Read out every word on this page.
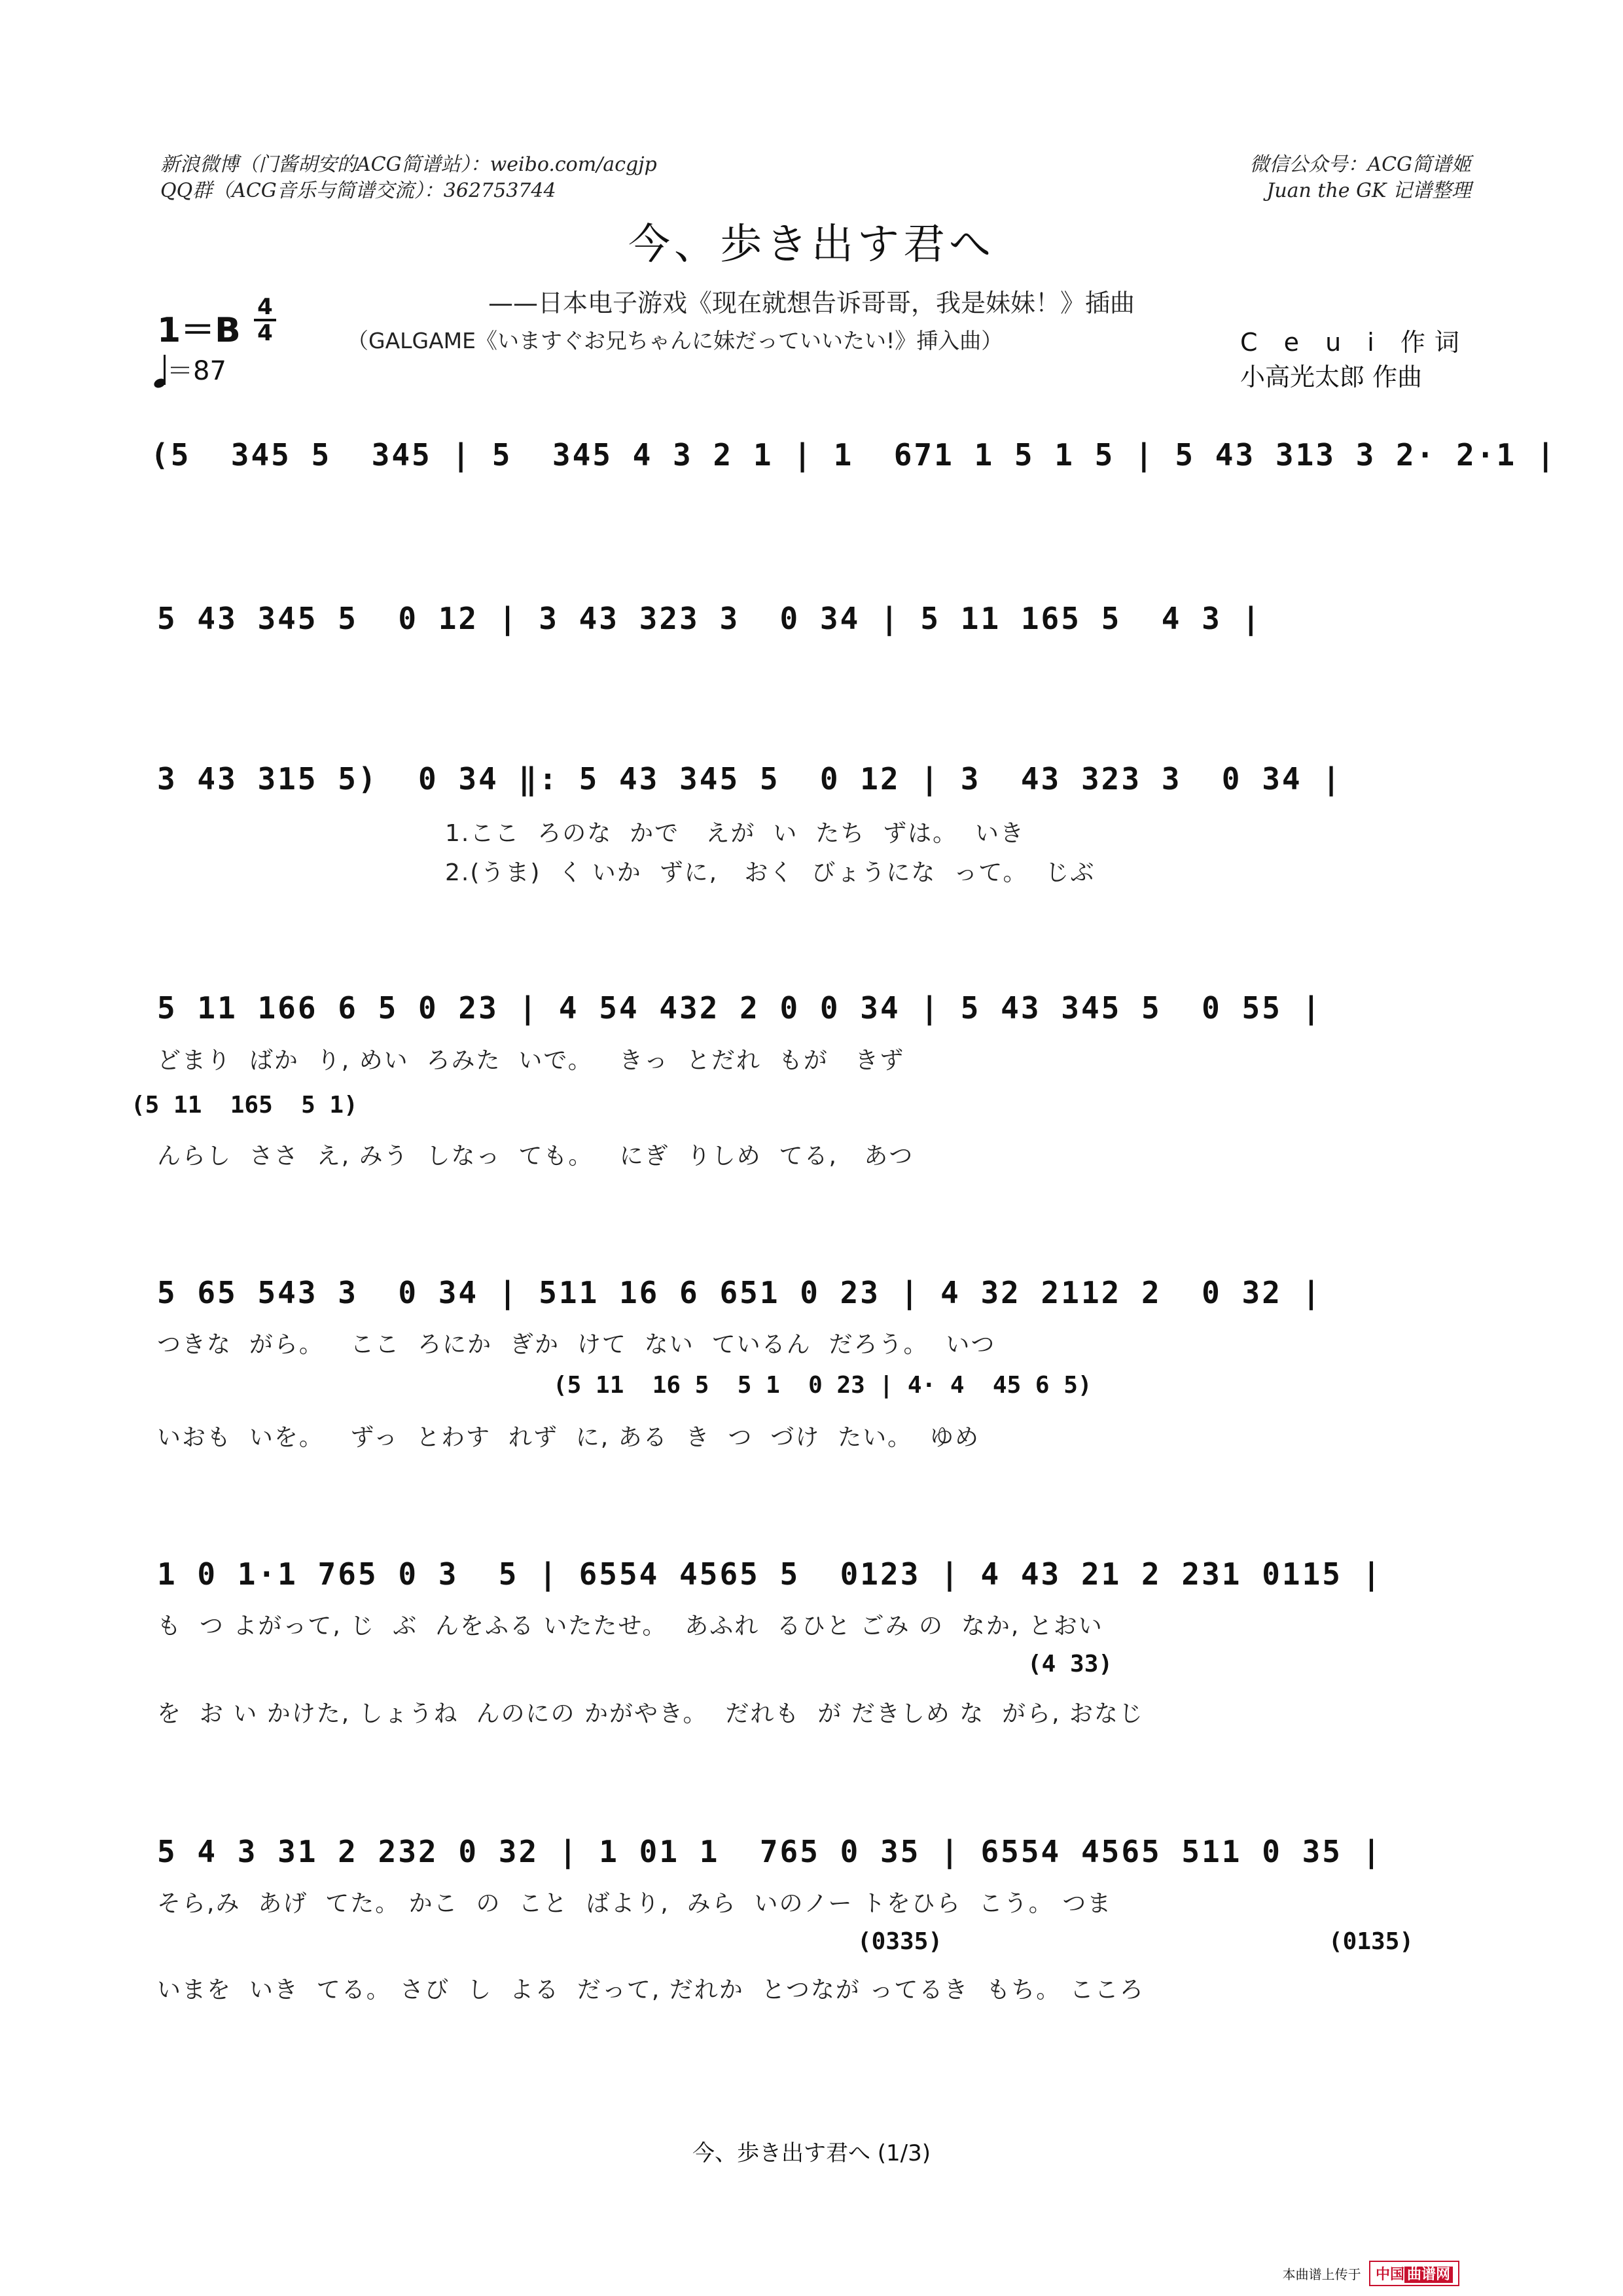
新浪微博（门酱胡安的ACG简谱站）：weibo.com/acgjp
QQ群（ACG音乐与简谱交流）：362753744
微信公众号：ACG简谱姬
Juan the GK 记谱整理
今、歩き出す君へ
——日本电子游戏《现在就想告诉哥哥，我是妹妹！》插曲
（GALGAME《いますぐお兄ちゃんに妹だっていいたい!》挿入曲）	C e u i 作词
小高光太郎 作曲
1＝B
4
4
＝87
(5  345 5  345 | 5  345 4 3 2 1 | 1  671 1 5 1 5 | 5 43 313 3 2· 2·1 |
5 43 345 5  0 12 | 3 43 323 3  0 34 | 5 11 165 5  4 3 |
3 43 315 5)  0 34 ‖: 5 43 345 5  0 12 | 3  43 323 3  0 34 |
1.ここ  ろのな  かで   えが  い  たち  ずは。  いき
2.(うま)  く いか  ずに,   おく  びょうにな  って。  じぶ
5 11 166 6 5 0 23 | 4 54 432 2 0 0 34 | 5 43 345 5  0 55 |
どまり  ばか  り, めい  ろみた  いで。   きっ  とだれ  もが   きず
(5 11  165  5 1)
んらし  ささ  え, みう  しなっ  ても。   にぎ  りしめ  てる,   あつ
5 65 543 3  0 34 | 511 16 6 651 0 23 | 4 32 2112 2  0 32 |
つきな  がら。   ここ  ろにか  ぎか  けて  ない  ているん  だろう。  いつ
(5 11  16 5  5 1  0 23 | 4· 4  45 6 5)
いおも  いを。   ずっ  とわす  れず  に, ある  き  つ  づけ  たい。  ゆめ
1 0 1·1 765 0 3  5 | 6554 4565 5  0123 | 4 43 21 2 231 0115 |
も  つ よがって, じ  ぶ  んをふる いたたせ。  あふれ  るひと ごみ の  なか, とおい
(4 33)
を  お い かけた, しょうね  んのにの かがやき。  だれも  が だきしめ な  がら, おなじ
5 4 3 31 2 232 0 32 | 1 01 1  765 0 35 | 6554 4565 511 0 35 |
そら,み  あげ  てた。 かこ  の  こと  ばより,  みら  いのノー トをひら  こう。 つま
(0335)	(0135)
いまを  いき  てる。 さび  し  よる  だって, だれか  とつなが ってるき  もち。 こころ
今、歩き出す君へ (1/3)
本曲谱上传于 中国 曲谱网
